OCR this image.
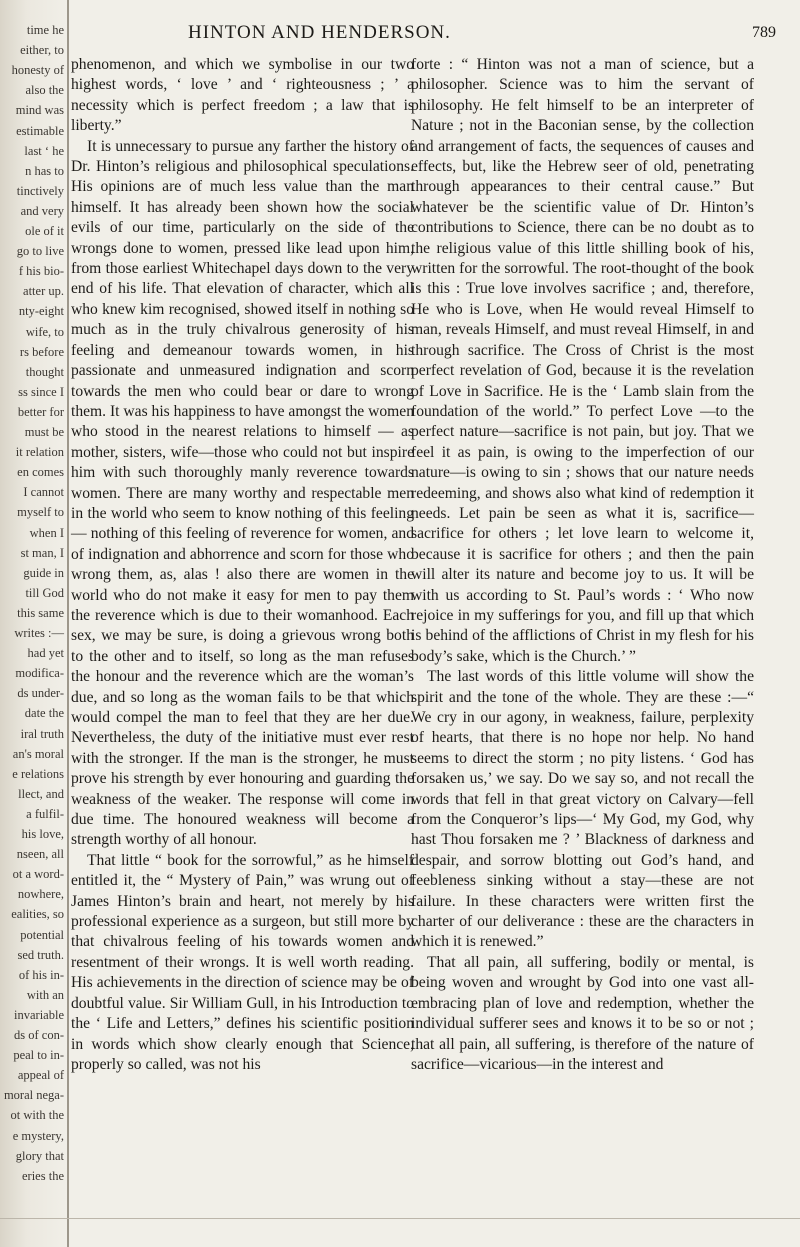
time he
either, to
honesty of
also the
mind was
estimable
last ‘ he
n has to
tinctively
and very
ole of it
go to live
f his bio-
atter up.
nty-eight
wife, to
rs before
thought
ss since I
better for
must be
it relation
en comes
I cannot
myself to
when I
st man, I
guide in
till God
this same
writes :—
had yet
modifica-
ds under-
date the
iral truth
an's moral
e relations
llect, and
a fulfil-
his love,
nseen, all
ot a word-
nowhere,
ealities, so
potential
sed truth.
of his in-
with an
invariable
ds of con-
peal to in-
appeal of
moral nega-
ot with the
e mystery,
glory that
eries the
HINTON AND HENDERSON.	789

phenomenon, and which we symbolise in our two highest words, ‘ love ’ and ‘ righteousness ; ’ a necessity which is perfect freedom ; a law that is liberty.”

It is unnecessary to pursue any farther the history of Dr. Hinton’s religious and philosophical speculations. His opinions are of much less value than the man himself. It has already been shown how the social evils of our time, particularly on the side of the wrongs done to women, pressed like lead upon him, from those earliest Whitechapel days down to the very end of his life. That elevation of character, which all who knew kim recognised, showed itself in nothing so much as in the truly chivalrous generosity of his feeling and demeanour towards women, in his passionate and unmeasured indignation and scorn towards the men who could bear or dare to wrong them. It was his happiness to have amongst the women who stood in the nearest relations to himself — as mother, sisters, wife—those who could not but inspire him with such thoroughly manly reverence towards women. There are many worthy and respectable men in the world who seem to know nothing of this feeling— nothing of this feeling of reverence for women, and of indignation and abhorrence and scorn for those who wrong them, as, alas ! also there are women in the world who do not make it easy for men to pay them the reverence which is due to their womanhood. Each sex, we may be sure, is doing a grievous wrong both to the other and to itself, so long as the man refuses the honour and the reverence which are the woman’s due, and so long as the woman fails to be that which would compel the man to feel that they are her due. Nevertheless, the duty of the initiative must ever rest with the stronger. If the man is the stronger, he must prove his strength by ever honouring and guarding the weakness of the weaker. The response will come in due time. The honoured weakness will become a strength worthy of all honour.

That little “ book for the sorrowful,” as he himself entitled it, the “ Mystery of Pain,” was wrung out of James Hinton’s brain and heart, not merely by his professional experience as a surgeon, but still more by that chivalrous feeling of his towards women and resentment of their wrongs. It is well worth reading. His achievements in the direction of science may be of doubtful value. Sir William Gull, in his Introduction to the ‘ Life and Letters,” defines his scientific position in words which show clearly enough that Science, properly so called, was not his

forte : “ Hinton was not a man of science, but a philosopher. Science was to him the servant of philosophy. He felt himself to be an interpreter of Nature ; not in the Baconian sense, by the collection and arrangement of facts, the sequences of causes and effects, but, like the Hebrew seer of old, penetrating through appearances to their central cause.” But whatever be the scientific value of Dr. Hinton’s contributions to Science, there can be no doubt as to the religious value of this little shilling book of his, written for the sorrowful. The root-thought of the book is this : True love involves sacrifice ; and, therefore, He who is Love, when He would reveal Himself to man, reveals Himself, and must reveal Himself, in and through sacrifice. The Cross of Christ is the most perfect revelation of God, because it is the revelation of Love in Sacrifice. He is the ‘ Lamb slain from the foundation of the world.” To perfect Love —to the perfect nature—sacrifice is not pain, but joy. That we feel it as pain, is owing to the imperfection of our nature—is owing to sin ; shows that our nature needs redeeming, and shows also what kind of redemption it needs. Let pain be seen as what it is, sacrifice—sacrifice for others ; let love learn to welcome it, because it is sacrifice for others ; and then the pain will alter its nature and become joy to us. It will be with us according to St. Paul’s words : ‘ Who now rejoice in my sufferings for you, and fill up that which is behind of the afflictions of Christ in my flesh for his body’s sake, which is the Church.’ ”

The last words of this little volume will show the spirit and the tone of the whole. They are these :—“ We cry in our agony, in weakness, failure, perplexity of hearts, that there is no hope nor help. No hand seems to direct the storm ; no pity listens. ‘ God has forsaken us,’ we say. Do we say so, and not recall the words that fell in that great victory on Calvary—fell from the Conqueror’s lips—‘ My God, my God, why hast Thou forsaken me ? ’ Blackness of darkness and despair, and sorrow blotting out God’s hand, and feebleness sinking without a stay—these are not failure. In these characters were written first the charter of our deliverance : these are the characters in which it is renewed.”

That all pain, all suffering, bodily or mental, is being woven and wrought by God into one vast all-embracing plan of love and redemption, whether the individual sufferer sees and knows it to be so or not ; that all pain, all suffering, is therefore of the nature of sacrifice—vicarious—in the interest and
